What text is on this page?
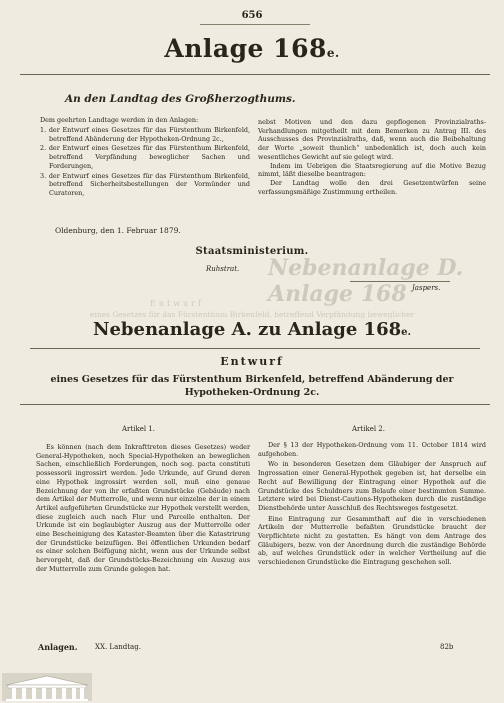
656
Anlage 168e.
An den Landtag des Großherzogthums.
Dem geehrten Landtage werden in den Anlagen:
1. der Entwurf eines Gesetzes für das Fürstenthum Birkenfeld, betreffend Abänderung der Hypotheken-Ordnung 2c.,
2. der Entwurf eines Gesetzes für das Fürstenthum Birkenfeld, betreffend Verpfändung beweglicher Sachen und Forderungen,
3. der Entwurf eines Gesetzes für das Fürstenthum Birkenfeld, betreffend Sicherheitsbestellungen der Vormünder und Curatoren,

nebst Motiven und den dazu gepflogenen Provinzialraths-Verhandlungen mitgetheilt mit dem Bemerken zu Antrag III. des Ausschusses des Provinzialraths, daß, wenn auch die Beibehaltung der Worte „soweit thunlich“ unbedenklich ist, doch auch kein wesentliches Gewicht auf sie gelegt wird.

Indem im Uebrigen die Staatsregierung auf die Motive Bezug nimmt, läßt dieselbe beantragen:

Der Landtag wolle den drei Gesetzentwürfen seine verfassungsmäßige Zustimmung ertheilen.

Oldenburg, den 1. Februar 1879.
Staatsministerium.
Ruhstrat.
Jaspers.
Nebenanlage D. Anlage 168
Entwurf
eines Gesetzes für das Fürstenthum Birkenfeld, betreffend Verpfändung beweglicher
Nebenanlage A. zu Anlage 168e.
Entwurf
eines Gesetzes für das Fürstenthum Birkenfeld, betreffend Abänderung der Hypotheken-Ordnung 2c.
Artikel 1.	Artikel 2.
Es können (nach dem Inkrafttreten dieses Gesetzes) weder General-Hypotheken, noch Special-Hypotheken an beweglichen Sachen, einschließlich Forderungen, noch sog. pacta constituti possessorii ingrossirt werden. Jede Urkunde, auf Grund deren eine Hypothek ingrossirt werden soll, muß eine genaue Bezeichnung der von ihr erfaßten Grundstücke (Gebäude) nach dem Artikel der Mutterrolle, und wenn nur einzelne der in einem Artikel aufgeführten Grundstücke zur Hypothek verstellt werden, diese zugleich auch nach Flur und Parcelle enthalten. Der Urkunde ist ein beglaubigter Auszug aus der Mutterrolle oder eine Bescheinigung des Kataster-Beamten über die Katastrirung der Grundstücke beizufügen. Bei öffentlichen Urkunden bedarf es einer solchen Beifügung nicht, wenn aus der Urkunde selbst hervorgeht, daß der Grundstücks-Bezeichnung ein Auszug aus der Mutterrolle zum Grunde gelegen hat.

Der § 13 der Hypotheken-Ordnung vom 11. October 1814 wird aufgehoben.

Wo in besonderen Gesetzen dem Gläubiger der Anspruch auf Ingrossation einer General-Hypothek gegeben ist, hat derselbe ein Recht auf Bewilligung der Eintragung einer Hypothek auf die Grundstücke des Schuldners zum Belaufe einer bestimmten Summe. Letztere wird bei Dienst-Cautions-Hypotheken durch die zuständige Dienstbehörde unter Ausschluß des Rechtsweges festgesetzt.

Eine Eintragung zur Gesammthaft auf die in verschiedenen Artikeln der Mutterrolle befaßten Grundstücke braucht der Verpflichtete nicht zu gestatten. Es hängt von dem Antrage des Gläubigers, bezw. von der Anordnung durch die zuständige Behörde ab, auf welches Grundstück oder in welcher Vertheilung auf die verschiedenen Grundstücke die Eintragung geschehen soll.

Anlagen. XX. Landtag.	82b
